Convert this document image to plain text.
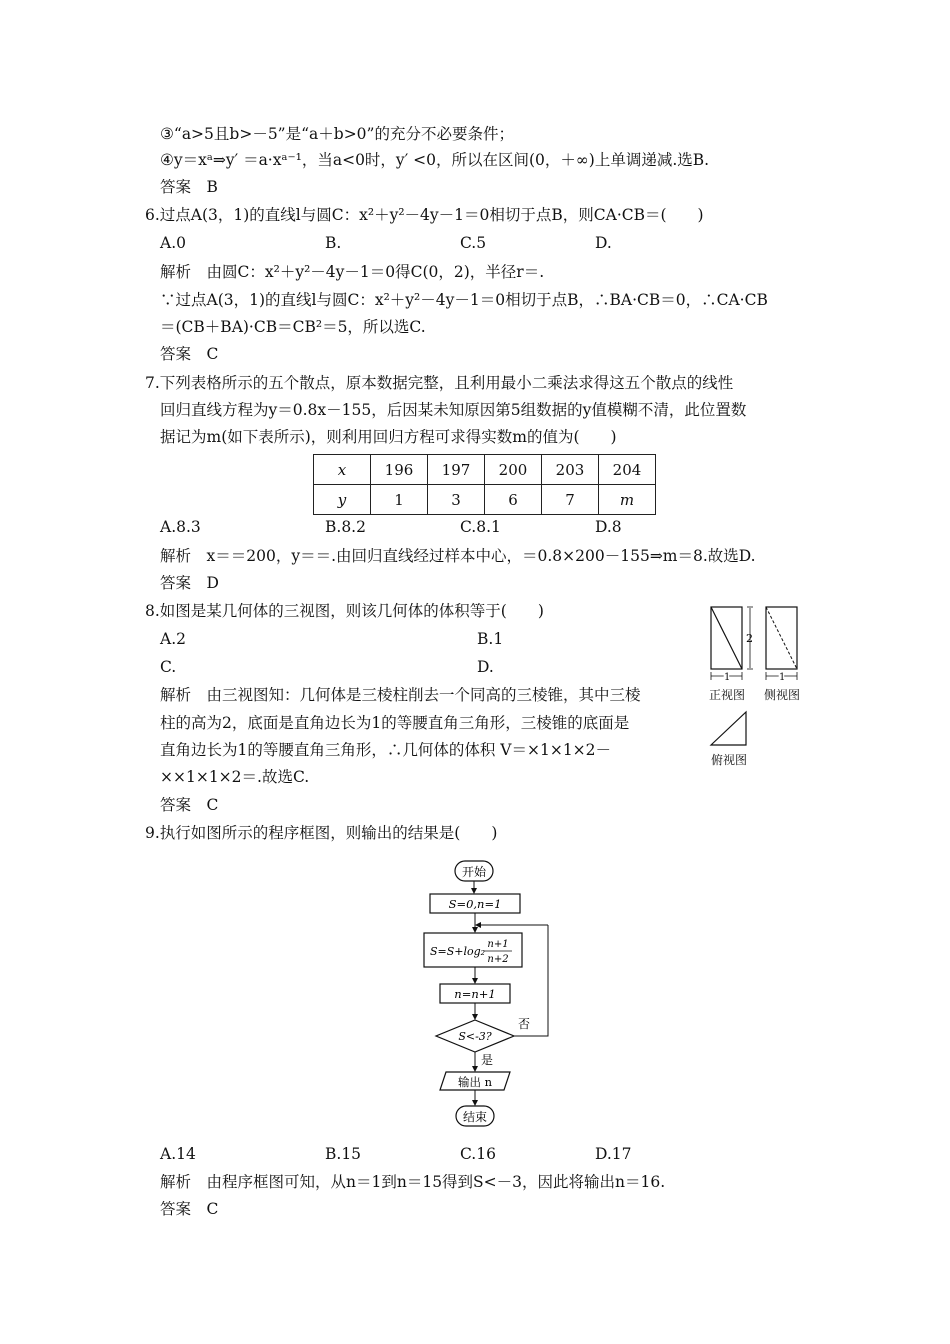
③“a>5且b>－5”是“a＋b>0”的充分不必要条件；
④y＝xᵃ⇒y′ ＝a·xᵃ⁻¹，当a<0时，y′ <0，所以在区间(0，＋∞)上单调递减.选B.
答案　B
6.过点A(3，1)的直线l与圆C：x²＋y²－4y－1＝0相切于点B，则CA·CB＝(　　)
A.0	B.	C.5	D.
解析　由圆C：x²＋y²－4y－1＝0得C(0，2)，半径r＝.
∵过点A(3，1)的直线l与圆C：x²＋y²－4y－1＝0相切于点B，∴BA·CB＝0，∴CA·CB
＝(CB＋BA)·CB＝CB²＝5，所以选C.
答案　C
7.下列表格所示的五个散点，原本数据完整，且利用最小二乘法求得这五个散点的线性
回归直线方程为y＝0.8x－155，后因某未知原因第5组数据的y值模糊不清，此位置数
据记为m(如下表所示)，则利用回归方程可求得实数m的值为(　　)
x	196	197	200	203	204
y	1	3	6	7	m
A.8.3	B.8.2	C.8.1	D.8
解析　x＝＝200，y＝＝.由回归直线经过样本中心，＝0.8×200－155⇒m＝8.故选D.
答案　D
8.如图是某几何体的三视图，则该几何体的体积等于(　　)
A.2	B.1
C.	D.
解析　由三视图知：几何体是三棱柱削去一个同高的三棱锥，其中三棱
柱的高为2，底面是直角边长为1的等腰直角三角形，三棱锥的底面是
直角边长为1的等腰直角三角形，∴几何体的体积 V＝×1×1×2－
××1×1×2＝.故选C.
答案　C
2
1	1
正视图 侧视图
俯视图
9.执行如图所示的程序框图，则输出的结果是(　　)
开始
S=0,n=1
S=S+log₂
n+1
n+2
n=n+1
S<-3?
否
是
输出 n
结束
A.14	B.15	C.16	D.17
解析　由程序框图可知，从n＝1到n＝15得到S<－3，因此将输出n＝16.
答案　C
